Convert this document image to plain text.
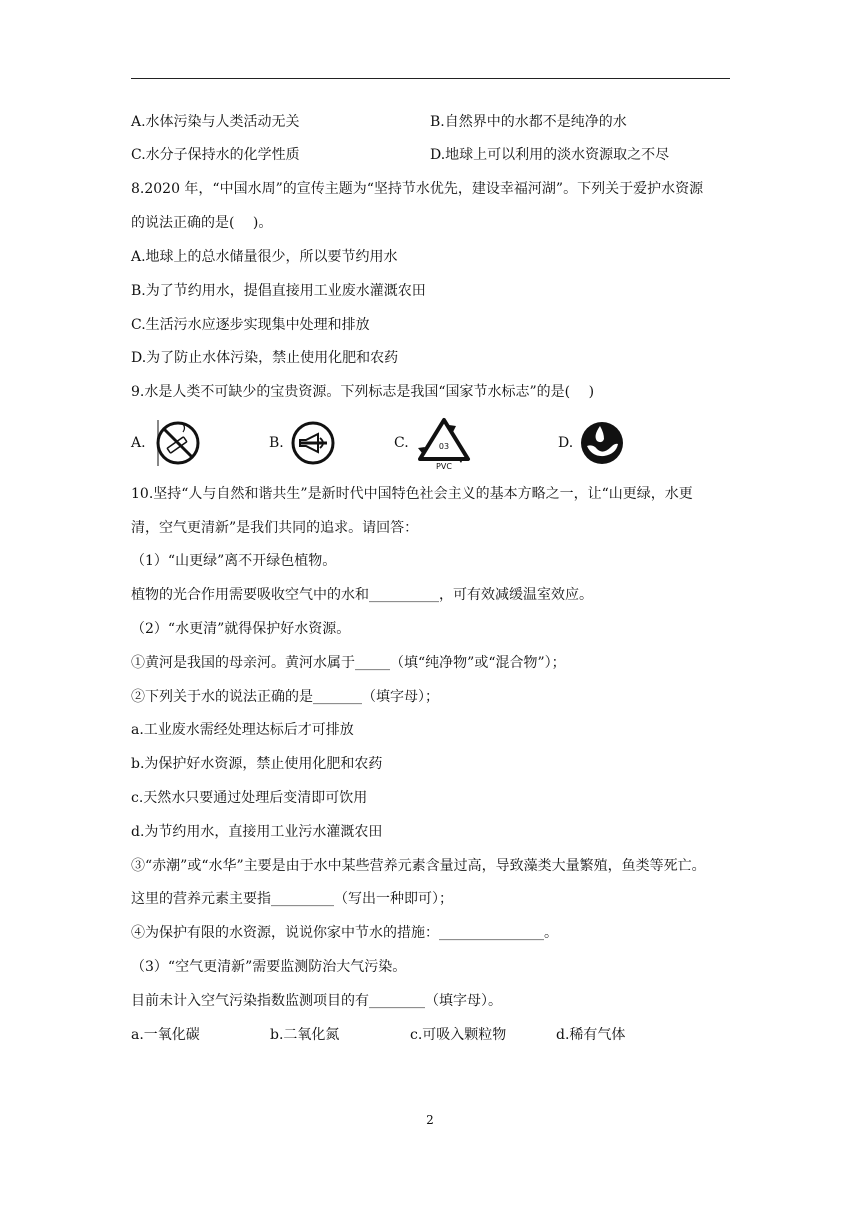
A.水体污染与人类活动无关	B.自然界中的水都不是纯净的水
C.水分子保持水的化学性质	D.地球上可以利用的淡水资源取之不尽
8.2020 年，“中国水周”的宣传主题为“坚持节水优先，建设幸福河湖”。下列关于爱护水资源
的说法正确的是(　 )。
A.地球上的总水储量很少，所以要节约用水
B.为了节约用水，提倡直接用工业废水灌溉农田
C.生活污水应逐步实现集中处理和排放
D.为了防止水体污染，禁止使用化肥和农药
9.水是人类不可缺少的宝贵资源。下列标志是我国“国家节水标志”的是(　 )
A.	B.	C.	03
PVC
D.
10.坚持“人与自然和谐共生”是新时代中国特色社会主义的基本方略之一，让“山更绿，水更
清，空气更清新”是我们共同的追求。请回答：
（1）“山更绿”离不开绿色植物。
植物的光合作用需要吸收空气中的水和__________，可有效减缓温室效应。
（2）“水更清”就得保护好水资源。
①黄河是我国的母亲河。黄河水属于_____（填“纯净物”或“混合物”）；
②下列关于水的说法正确的是_______（填字母）；
a.工业废水需经处理达标后才可排放
b.为保护好水资源，禁止使用化肥和农药
c.天然水只要通过处理后变清即可饮用
d.为节约用水，直接用工业污水灌溉农田
③“赤潮”或“水华”主要是由于水中某些营养元素含量过高，导致藻类大量繁殖，鱼类等死亡。
这里的营养元素主要指_________（写出一种即可）；
④为保护有限的水资源，说说你家中节水的措施：_______________。
（3）“空气更清新”需要监测防治大气污染。
目前未计入空气污染指数监测项目的有________（填字母）。
a.一氧化碳	b.二氧化氮	c.可吸入颗粒物	d.稀有气体
2
